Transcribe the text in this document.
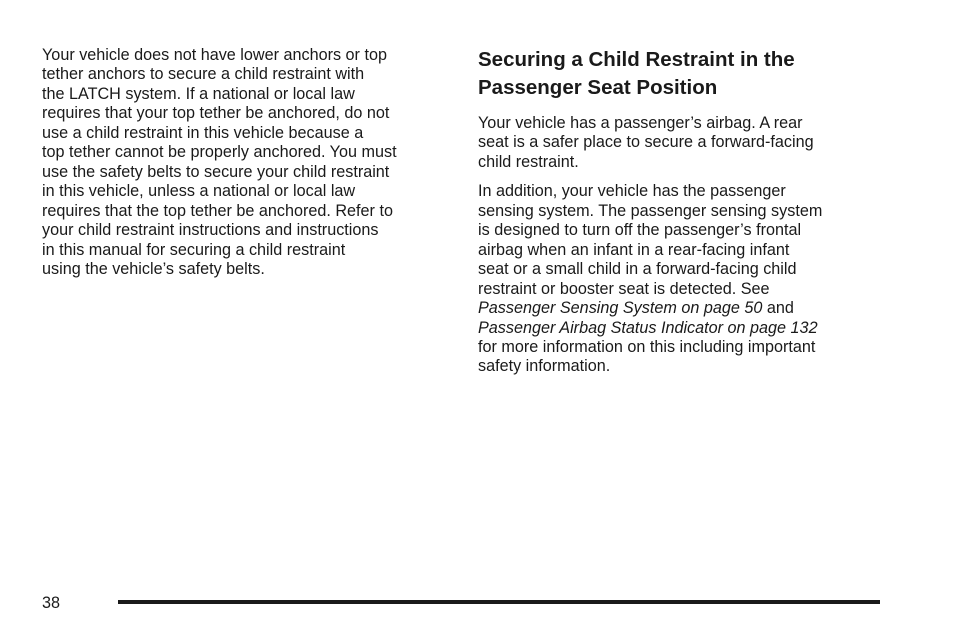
Your vehicle does not have lower anchors or top
tether anchors to secure a child restraint with
the LATCH system. If a national or local law
requires that your top tether be anchored, do not
use a child restraint in this vehicle because a
top tether cannot be properly anchored. You must
use the safety belts to secure your child restraint
in this vehicle, unless a national or local law
requires that the top tether be anchored. Refer to
your child restraint instructions and instructions
in this manual for securing a child restraint
using the vehicle’s safety belts.

Securing a Child Restraint in the
Passenger Seat Position

Your vehicle has a passenger’s airbag. A rear
seat is a safer place to secure a forward-facing
child restraint.

In addition, your vehicle has the passenger
sensing system. The passenger sensing system
is designed to turn off the passenger’s frontal
airbag when an infant in a rear-facing infant
seat or a small child in a forward-facing child
restraint or booster seat is detected. See
Passenger Sensing System on page 50 and
Passenger Airbag Status Indicator on page 132
for more information on this including important
safety information.

38
